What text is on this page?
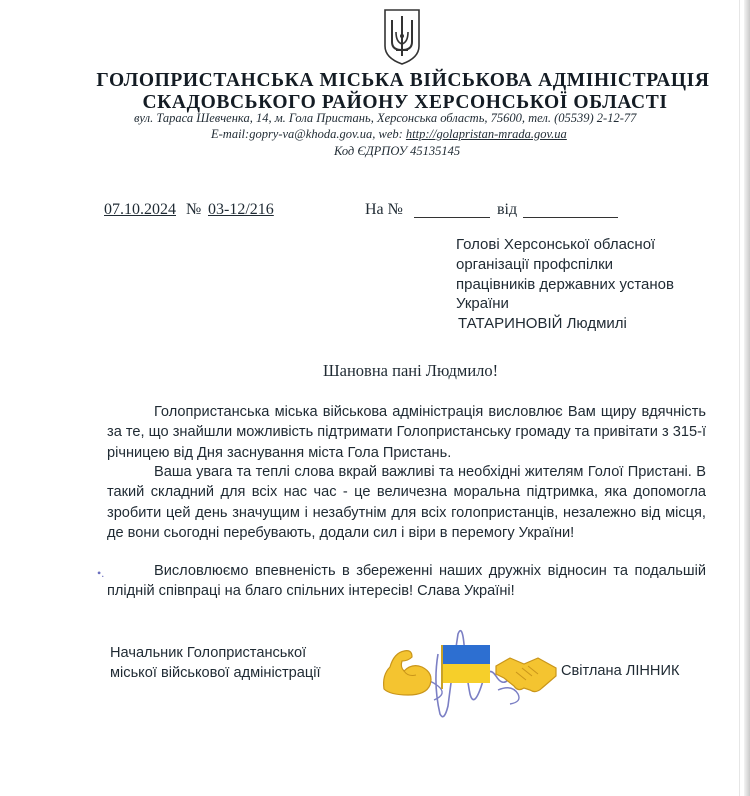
ГОЛОПРИСТАНСЬКА МІСЬКА ВІЙСЬКОВА АДМІНІСТРАЦІЯ
СКАДОВСЬКОГО РАЙОНУ ХЕРСОНСЬКОЇ ОБЛАСТІ
вул. Тараса Шевченка, 14, м. Гола Пристань, Херсонська область, 75600, тел. (05539) 2-12-77
E-mail:gopry-va@khoda.gov.ua, web: http://golapristan-mrada.gov.ua
Код ЄДРПОУ 45135145
07.10.2024 № 03-12/216	На №	від
Голові Херсонської обласної
організації профспілки
працівників державних установ
України
ТАТАРИНОВІЙ Людмилі
Шановна пані Людмило!
Голопристанська міська військова адміністрація висловлює Вам щиру вдячність за те, що знайшли можливість підтримати Голопристанську громаду та привітати з 315-ї річницею від Дня заснування міста Гола Пристань.
Ваша увага та теплі слова вкрай важливі та необхідні жителям Голої Пристані. В такий складний для всіх нас час - це величезна моральна підтримка, яка допомогла зробити цей день значущим і незабутнім для всіх голопристанців, незалежно від місця, де вони сьогодні перебувають, додали сил і віри в перемогу України!
Висловлюємо впевненість в збереженні наших дружніх відносин та подальшій плідній співпраці на благо спільних інтересів! Слава Україні!
•.
Начальник Голопристанської
міської військової адміністрації	Світлана ЛІННИК
